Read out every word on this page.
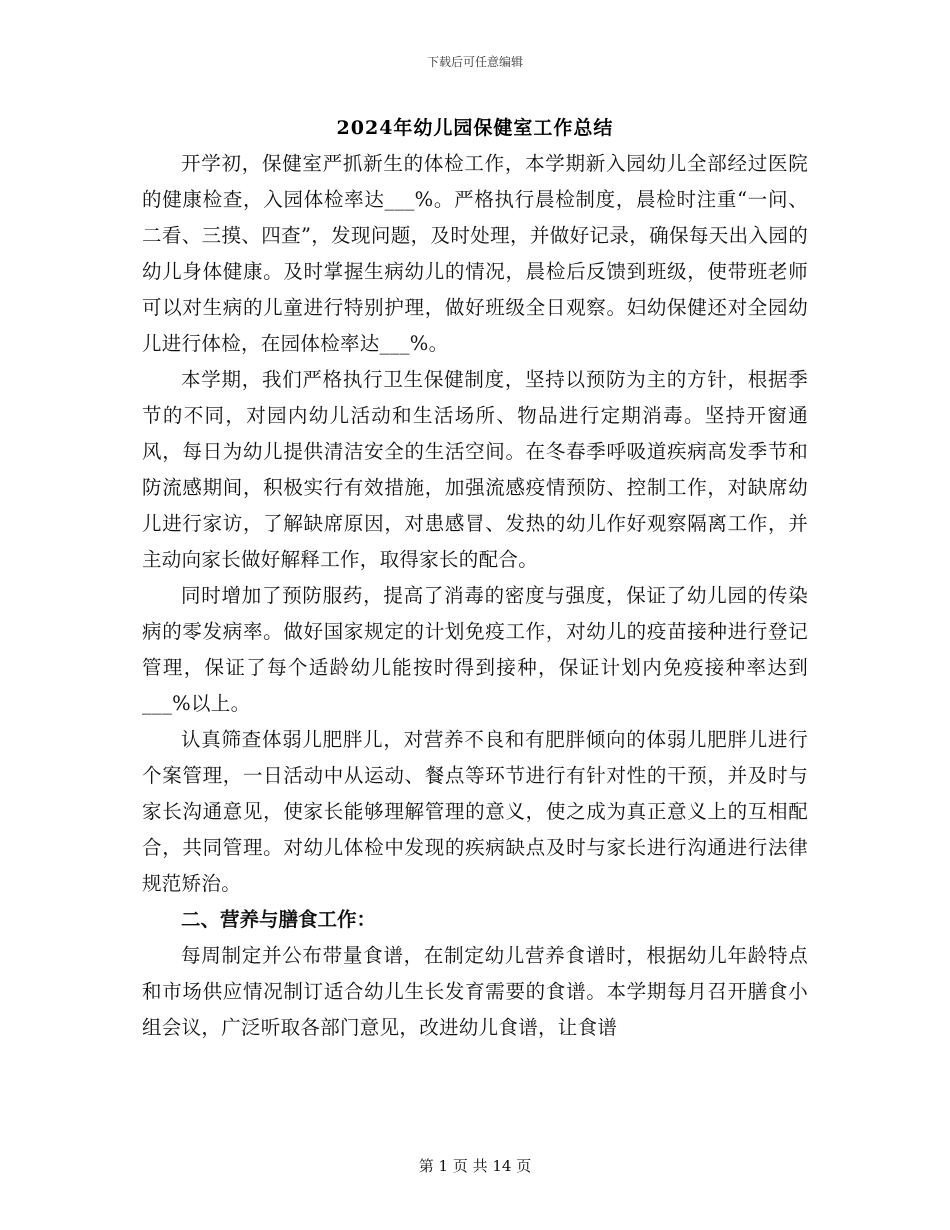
下载后可任意编辑
2024年幼儿园保健室工作总结

开学初，保健室严抓新生的体检工作，本学期新入园幼儿全部经过医院的健康检查，入园体检率达___%。严格执行晨检制度，晨检时注重“一问、二看、三摸、四查”，发现问题，及时处理，并做好记录，确保每天出入园的幼儿身体健康。及时掌握生病幼儿的情况，晨检后反馈到班级，使带班老师可以对生病的儿童进行特别护理，做好班级全日观察。妇幼保健还对全园幼儿进行体检，在园体检率达___%。

本学期，我们严格执行卫生保健制度，坚持以预防为主的方针，根据季节的不同，对园内幼儿活动和生活场所、物品进行定期消毒。坚持开窗通风，每日为幼儿提供清洁安全的生活空间。在冬春季呼吸道疾病高发季节和防流感期间，积极实行有效措施，加强流感疫情预防、控制工作，对缺席幼儿进行家访，了解缺席原因，对患感冒、发热的幼儿作好观察隔离工作，并主动向家长做好解释工作，取得家长的配合。

同时增加了预防服药，提高了消毒的密度与强度，保证了幼儿园的传染病的零发病率。做好国家规定的计划免疫工作，对幼儿的疫苗接种进行登记管理，保证了每个适龄幼儿能按时得到接种，保证计划内免疫接种率达到___%以上。

认真筛查体弱儿肥胖儿，对营养不良和有肥胖倾向的体弱儿肥胖儿进行个案管理，一日活动中从运动、餐点等环节进行有针对性的干预，并及时与家长沟通意见，使家长能够理解管理的意义，使之成为真正意义上的互相配合，共同管理。对幼儿体检中发现的疾病缺点及时与家长进行沟通进行法律规范矫治。

二、营养与膳食工作：

每周制定并公布带量食谱，在制定幼儿营养食谱时，根据幼儿年龄特点和市场供应情况制订适合幼儿生长发育需要的食谱。本学期每月召开膳食小组会议，广泛听取各部门意见，改进幼儿食谱，让食谱

第 1 页 共 14 页
